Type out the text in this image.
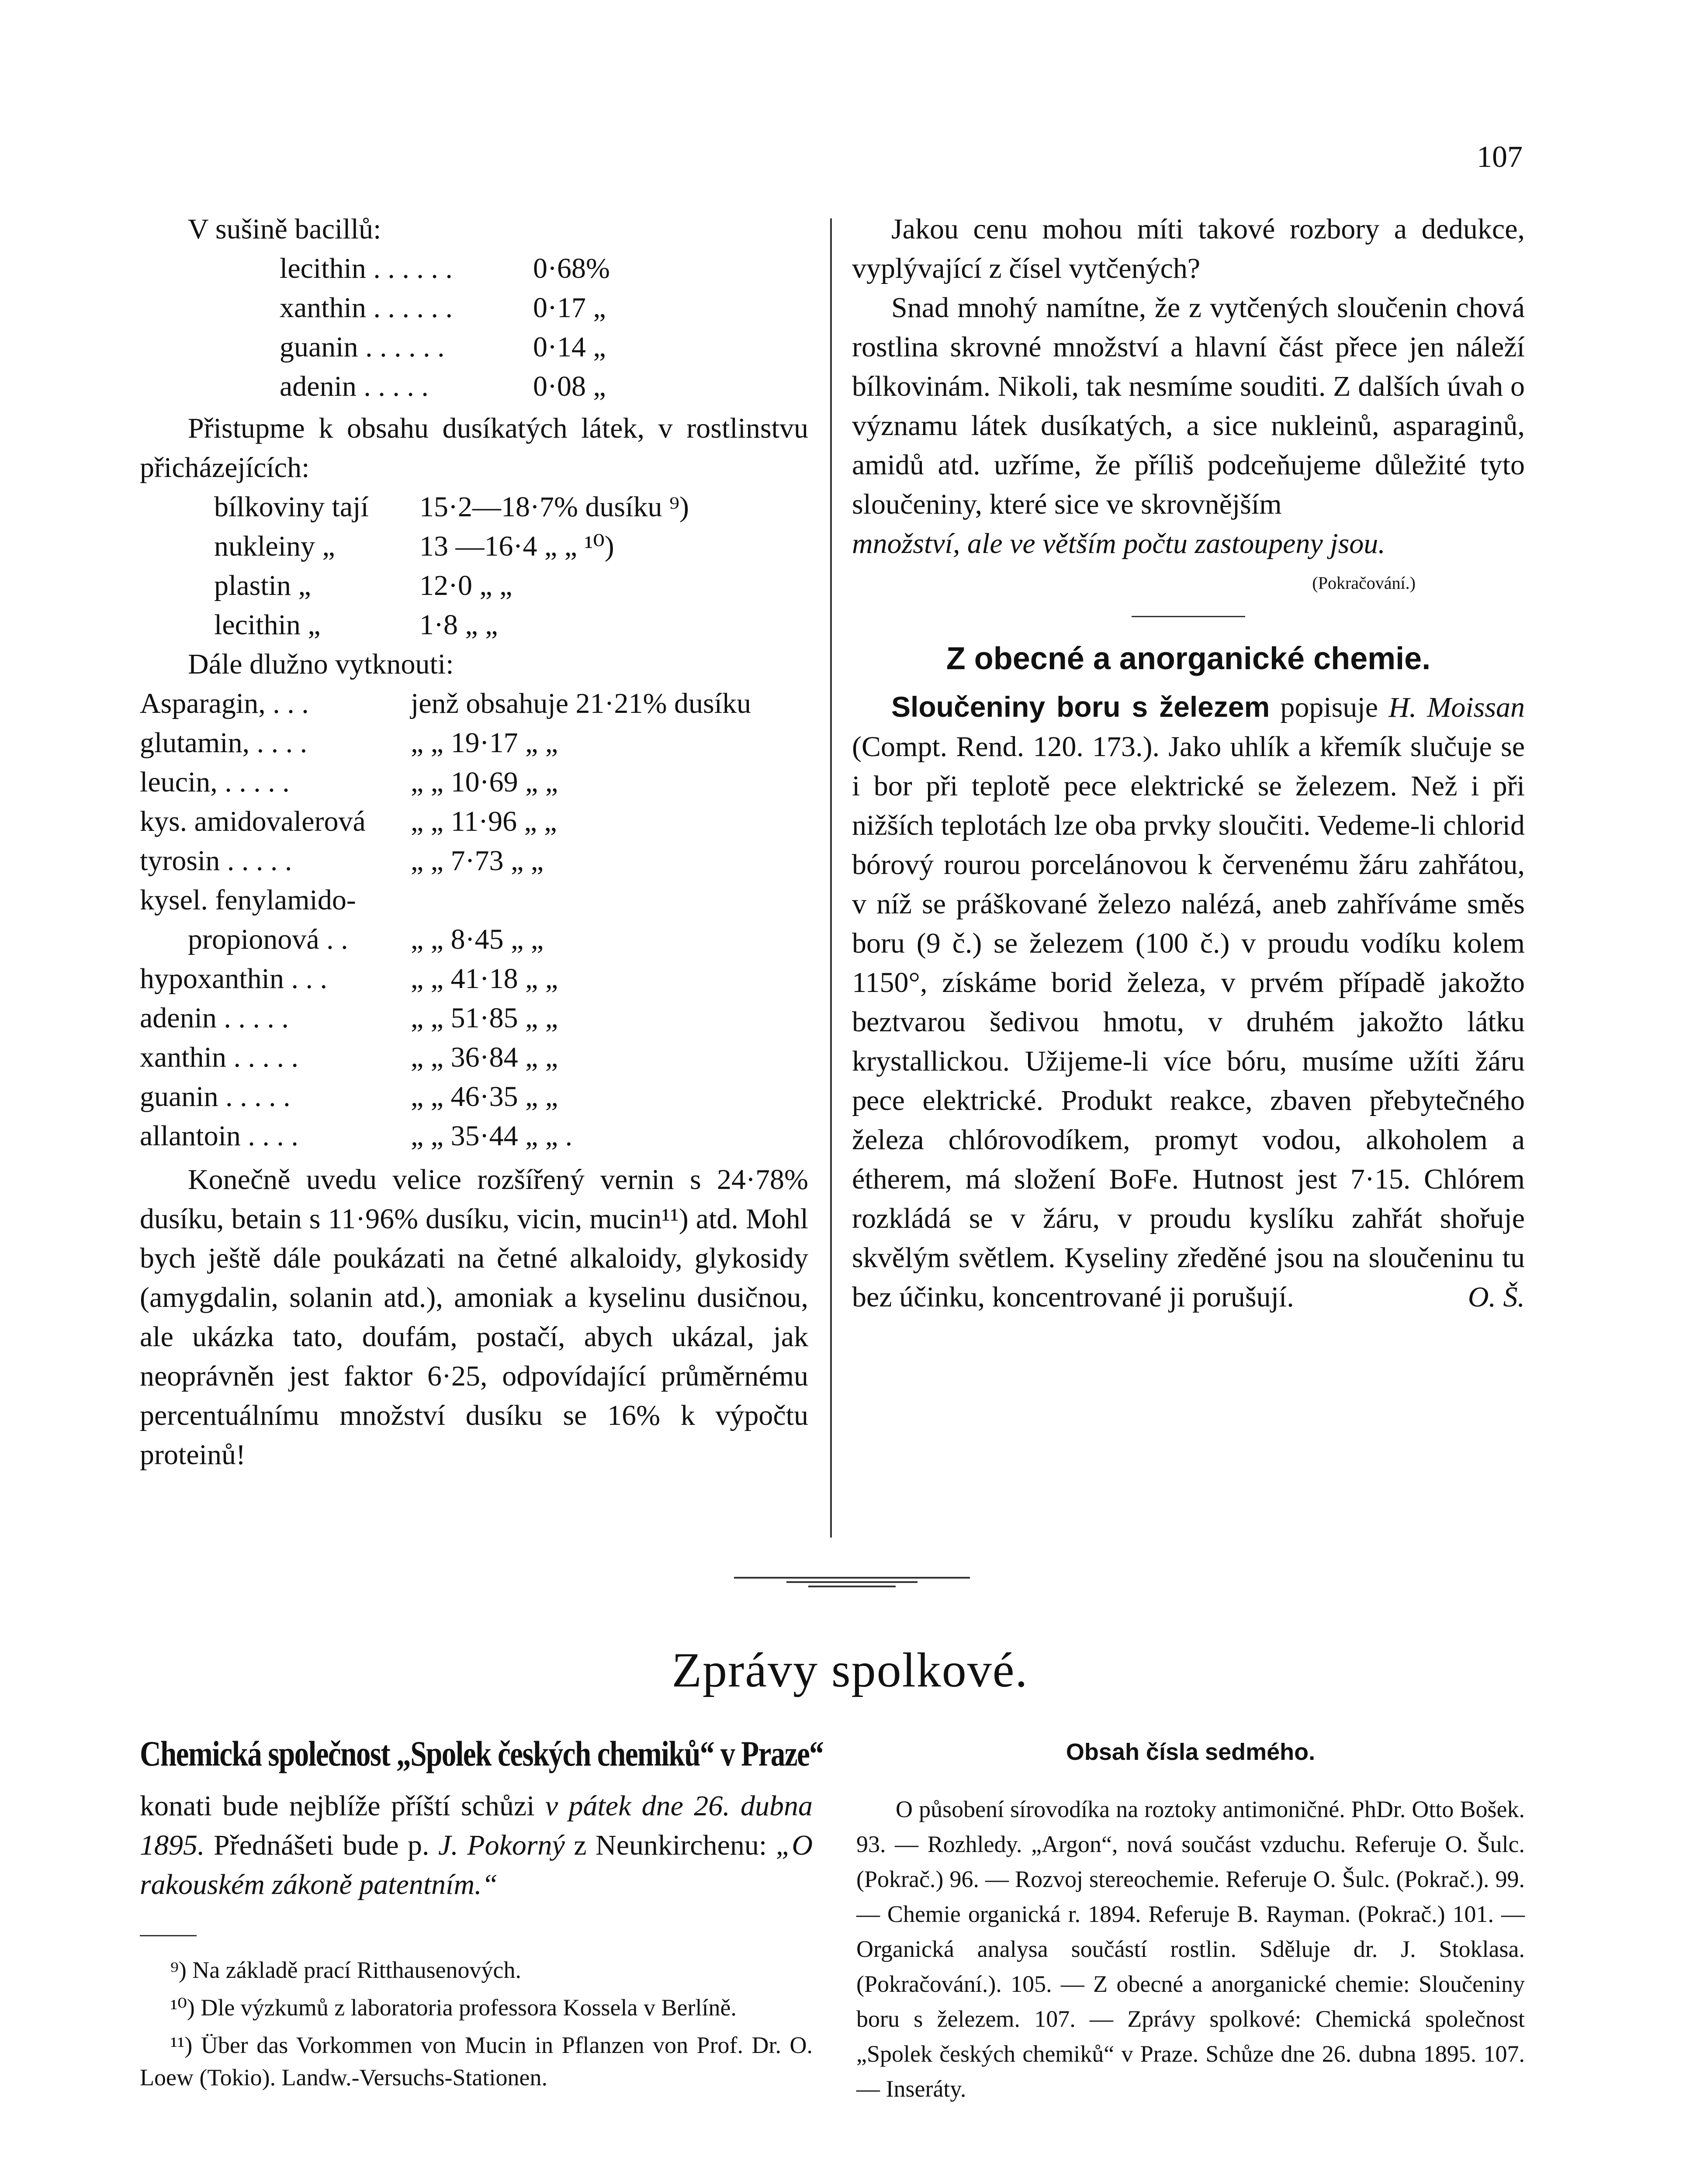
107
V sušině bacillů:
lecithin . . . . . .	0·68%
xanthin . . . . . .	0·17 „
guanin . . . . . .	0·14 „
adenin . . . . .	0·08 „
Přistupme k obsahu dusíkatých látek, v rostlinstvu přicházejících:
bílkoviny tají 15·2—18·7% dusíku ⁹)
nukleiny „	13 —16·4 „ „ ¹⁰)
plastin „	12·0 „ „
lecithin „	1·8 „ „
Dále dlužno vytknouti:
Asparagin, . . .	jenž obsahuje 21·21% dusíku
glutamin, . . . .	„ „ 19·17 „ „
leucin, . . . . .	„ „ 10·69 „ „
kys. amidovalerová „ „ 11·96 „ „
tyrosin . . . . .	„ „ 7·73 „ „
kysel. fenylamido-
propionová . . „ „ 8·45 „ „
hypoxanthin . . .	„ „ 41·18 „ „
adenin . . . . .	„ „ 51·85 „ „
xanthin . . . . .	„ „ 36·84 „ „
guanin . . . . .	„ „ 46·35 „ „
allantoin . . . .	„ „ 35·44 „ „ .
Konečně uvedu velice rozšířený vernin s 24·78% dusíku, betain s 11·96% dusíku, vicin, mucin¹¹) atd. Mohl bych ještě dále poukázati na četné alkaloidy, glykosidy (amygdalin, solanin atd.), amoniak a kyselinu dusičnou, ale ukázka tato, doufám, postačí, abych ukázal, jak neoprávněn jest faktor 6·25, odpovídající průměrnému percentuálnímu množství dusíku se 16% k výpočtu proteinů!
Jakou cenu mohou míti takové rozbory a dedukce, vyplývající z čísel vytčených?
Snad mnohý namítne, že z vytčených sloučenin chová rostlina skrovné množství a hlavní část přece jen náleží bílkovinám. Nikoli, tak nesmíme souditi. Z dalších úvah o významu látek dusíkatých, a sice nukleinů, asparaginů, amidů atd. uzříme, že příliš podceňujeme důležité tyto sloučeniny, které sice ve skrovnějším
množství, ale ve větším počtu zastoupeny jsou.
(Pokračování.)
Z obecné a anorganické chemie.
Sloučeniny boru s železem popisuje H. Moissan (Compt. Rend. 120. 173.). Jako uhlík a křemík slučuje se i bor při teplotě pece elektrické se železem. Než i při nižších teplotách lze oba prvky sloučiti. Vedeme-li chlorid bórový rourou porcelánovou k červenému žáru zahřátou, v níž se práškované železo nalézá, aneb zahříváme směs boru (9 č.) se železem (100 č.) v proudu vodíku kolem 1150°, získáme borid železa, v prvém případě jakožto beztvarou šedivou hmotu, v druhém jakožto látku krystallickou. Užijeme-li více bóru, musíme užíti žáru pece elektrické. Produkt reakce, zbaven přebytečného železa chlórovodíkem, promyt vodou, alkoholem a étherem, má složení BoFe. Hutnost jest 7·15. Chlórem rozkládá se v žáru, v proudu kyslíku zahřát shořuje skvělým světlem. Kyseliny zředěné jsou na sloučeninu tu bez účinku, koncentrované ji porušují.	O. Š.
Zprávy spolkové.
Chemická společnost „Spolek českých chemiků“ v Praze“
konati bude nejblíže příští schůzi v pátek dne 26. dubna 1895. Přednášeti bude p. J. Pokorný z Neunkirchenu: „O rakouském zákoně patentním.“
⁹) Na základě prací Ritthausenových.
¹⁰) Dle výzkumů z laboratoria professora Kossela v Berlíně.
¹¹) Über das Vorkommen von Mucin in Pflanzen von Prof. Dr. O. Loew (Tokio). Landw.-Versuchs-Stationen.
Obsah čísla sedmého.
O působení sírovodíka na roztoky antimoničné. PhDr. Otto Bošek. 93. — Rozhledy. „Argon“, nová součást vzduchu. Referuje O. Šulc. (Pokrač.) 96. — Rozvoj stereochemie. Referuje O. Šulc. (Pokrač.). 99. — Chemie organická r. 1894. Referuje B. Rayman. (Pokrač.) 101. — Organická analysa součástí rostlin. Sděluje dr. J. Stoklasa. (Pokračování.). 105. — Z obecné a anorganické chemie: Sloučeniny boru s železem. 107. — Zprávy spolkové: Chemická společnost „Spolek českých chemiků“ v Praze. Schůze dne 26. dubna 1895. 107. — Inseráty.
